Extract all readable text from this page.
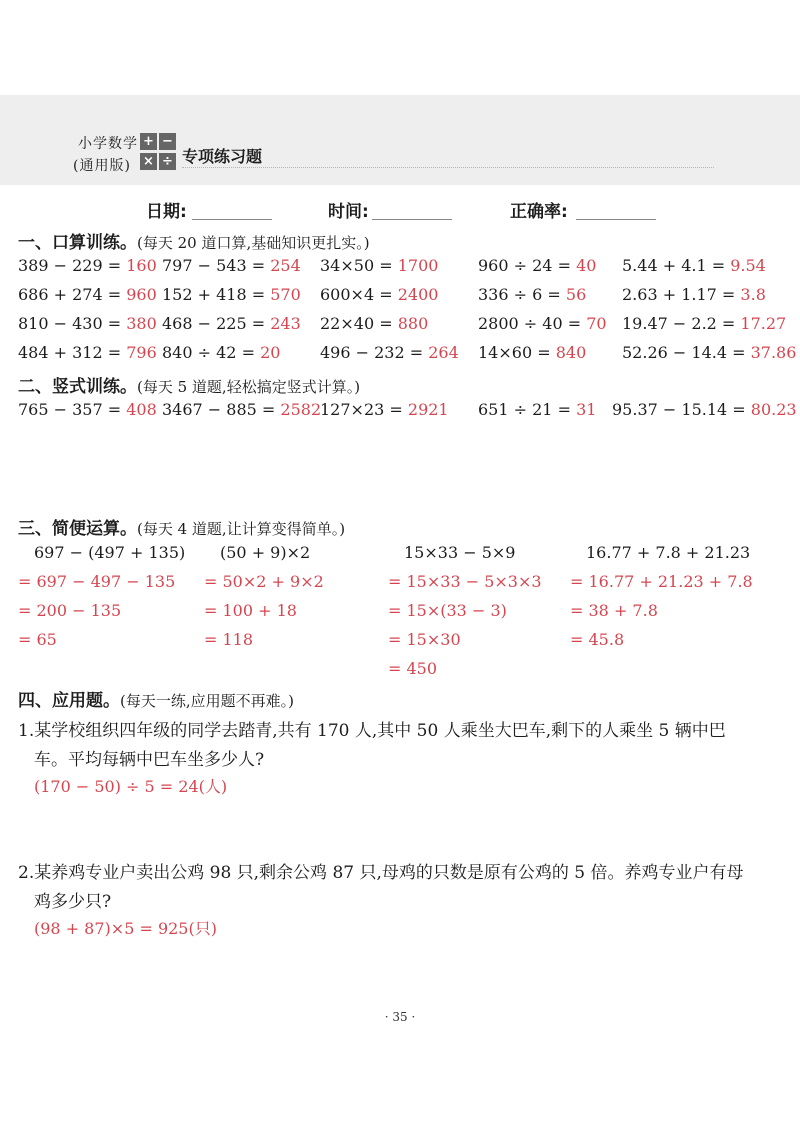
小学数学
(通用版)
+ −
× ÷ 专项练习题
日期:	时间:	正确率:
一、口算训练。(每天 20 道口算,基础知识更扎实。)
389 − 229 = 160 797 − 543 = 254 34×50 = 1700 960 ÷ 24 = 40 5.44 + 4.1 = 9.54
686 + 274 = 960 152 + 418 = 570 600×4 = 2400 336 ÷ 6 = 56 2.63 + 1.17 = 3.8
810 − 430 = 380 468 − 225 = 243 22×40 = 880	2800 ÷ 40 = 70 19.47 − 2.2 = 17.27
484 + 312 = 796 840 ÷ 42 = 20 496 − 232 = 264 14×60 = 840 52.26 − 14.4 = 37.86
二、竖式训练。(每天 5 道题,轻松搞定竖式计算。)
765 − 357 = 408 3467 − 885 = 2582
127×23 = 2921 651 ÷ 21 = 31 95.37 − 15.14 = 80.23
三、简便运算。(每天 4 道题,让计算变得简单。)
697 − (497 + 135)
= 697 − 497 − 135
= 200 − 135
= 65
(50 + 9)×2
= 50×2 + 9×2
= 100 + 18
= 118
15×33 − 5×9
= 15×33 − 5×3×3
= 15×(33 − 3)
= 15×30
= 450
16.77 + 7.8 + 21.23
= 16.77 + 21.23 + 7.8
= 38 + 7.8
= 45.8
四、应用题。(每天一练,应用题不再难。)
1.某学校组织四年级的同学去踏青,共有 170 人,其中 50 人乘坐大巴车,剩下的人乘坐 5 辆中巴
车。平均每辆中巴车坐多少人?
(170 − 50) ÷ 5 = 24(人)
2.某养鸡专业户卖出公鸡 98 只,剩余公鸡 87 只,母鸡的只数是原有公鸡的 5 倍。养鸡专业户有母
鸡多少只?
(98 + 87)×5 = 925(只)
· 35 ·
